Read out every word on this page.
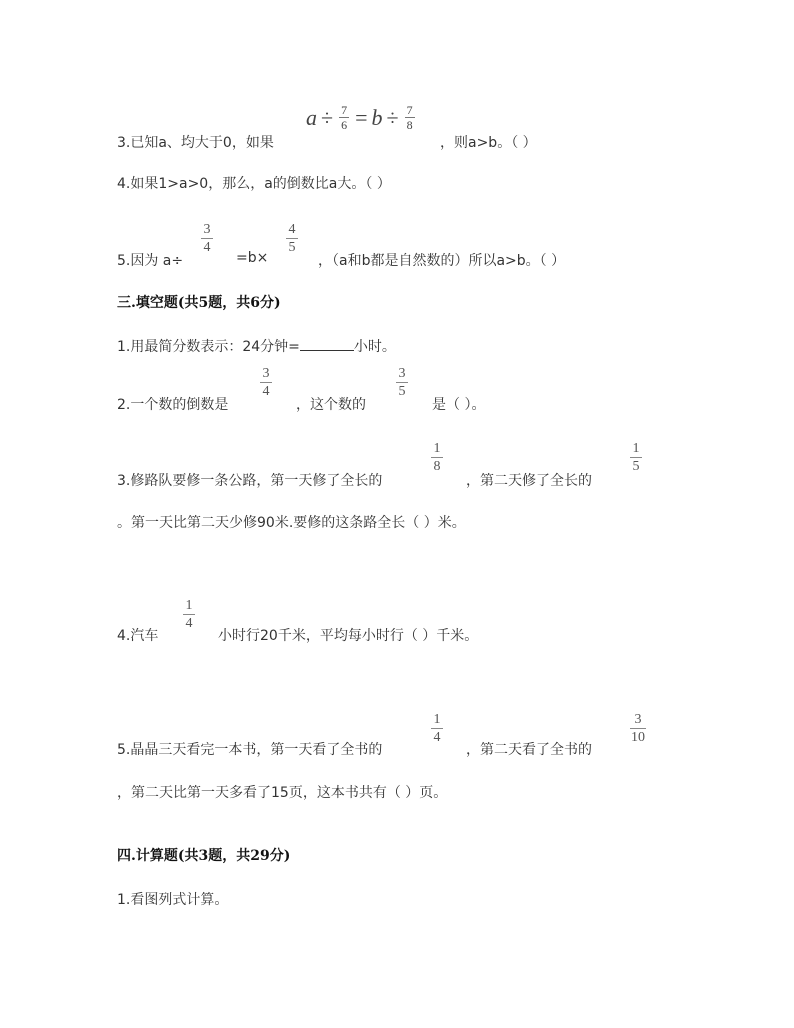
a ÷ 7
6 = b ÷ 7
8
3.已知a、均大于0，如果	，则a>b。（ ）
4.如果1>a>0，那么，a的倒数比a大。（ ）
5.因为 a÷
3
4
=b×
4
5
，（a和b都是自然数的）所以a>b。（ ）
三.填空题(共5题，共6分)
1.用最简分数表示：24分钟=	小时。
2.一个数的倒数是
3
4
，这个数的
3
5
是（ ）。
3.修路队要修一条公路，第一天修了全长的
1
8
，第二天修了全长的
1
5
。第一天比第二天少修90米.要修的这条路全长（ ）米。
4.汽车
1
4
小时行20千米，平均每小时行（ ）千米。
5.晶晶三天看完一本书，第一天看了全书的
1
4
，第二天看了全书的
3
10
，第二天比第一天多看了15页，这本书共有（ ）页。
四.计算题(共3题，共29分)
1.看图列式计算。
